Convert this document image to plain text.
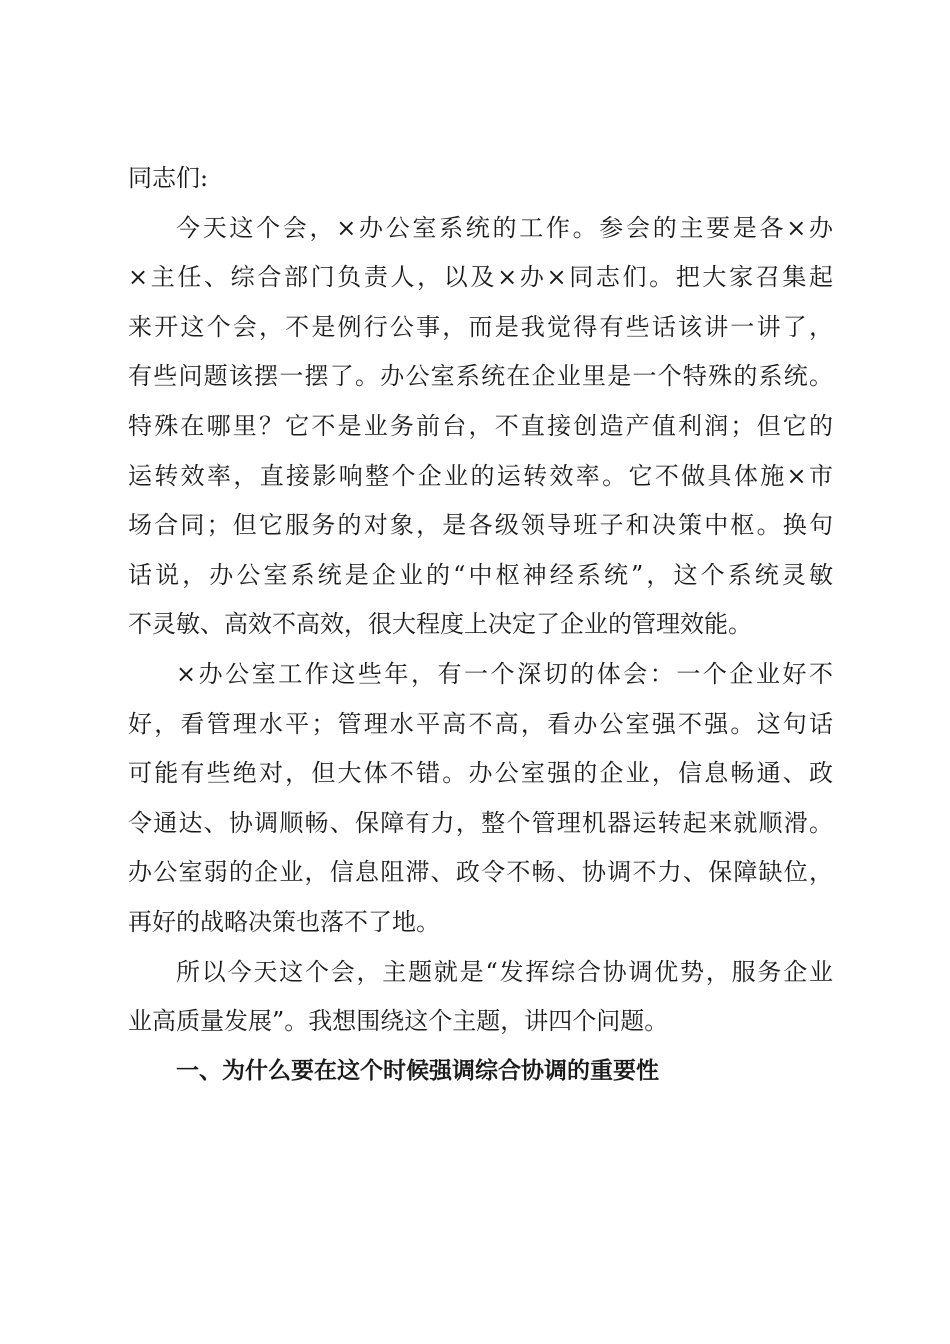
同志们:
今天这个会，×办公室系统的工作。参会的主要是各×办
×主任、综合部门负责人，以及×办×同志们。把大家召集起
来开这个会，不是例行公事，而是我觉得有些话该讲一讲了，
有些问题该摆一摆了。办公室系统在企业里是一个特殊的系统。
特殊在哪里？它不是业务前台，不直接创造产值利润；但它的
运转效率，直接影响整个企业的运转效率。它不做具体施×市
场合同；但它服务的对象，是各级领导班子和决策中枢。换句
话说，办公室系统是企业的“中枢神经系统”，这个系统灵敏
不灵敏、高效不高效，很大程度上决定了企业的管理效能。
×办公室工作这些年，有一个深切的体会：一个企业好不
好，看管理水平；管理水平高不高，看办公室强不强。这句话
可能有些绝对，但大体不错。办公室强的企业，信息畅通、政
令通达、协调顺畅、保障有力，整个管理机器运转起来就顺滑。
办公室弱的企业，信息阻滞、政令不畅、协调不力、保障缺位，
再好的战略决策也落不了地。
所以今天这个会，主题就是“发挥综合协调优势，服务企业
业高质量发展”。我想围绕这个主题，讲四个问题。
一、为什么要在这个时候强调综合协调的重要性
